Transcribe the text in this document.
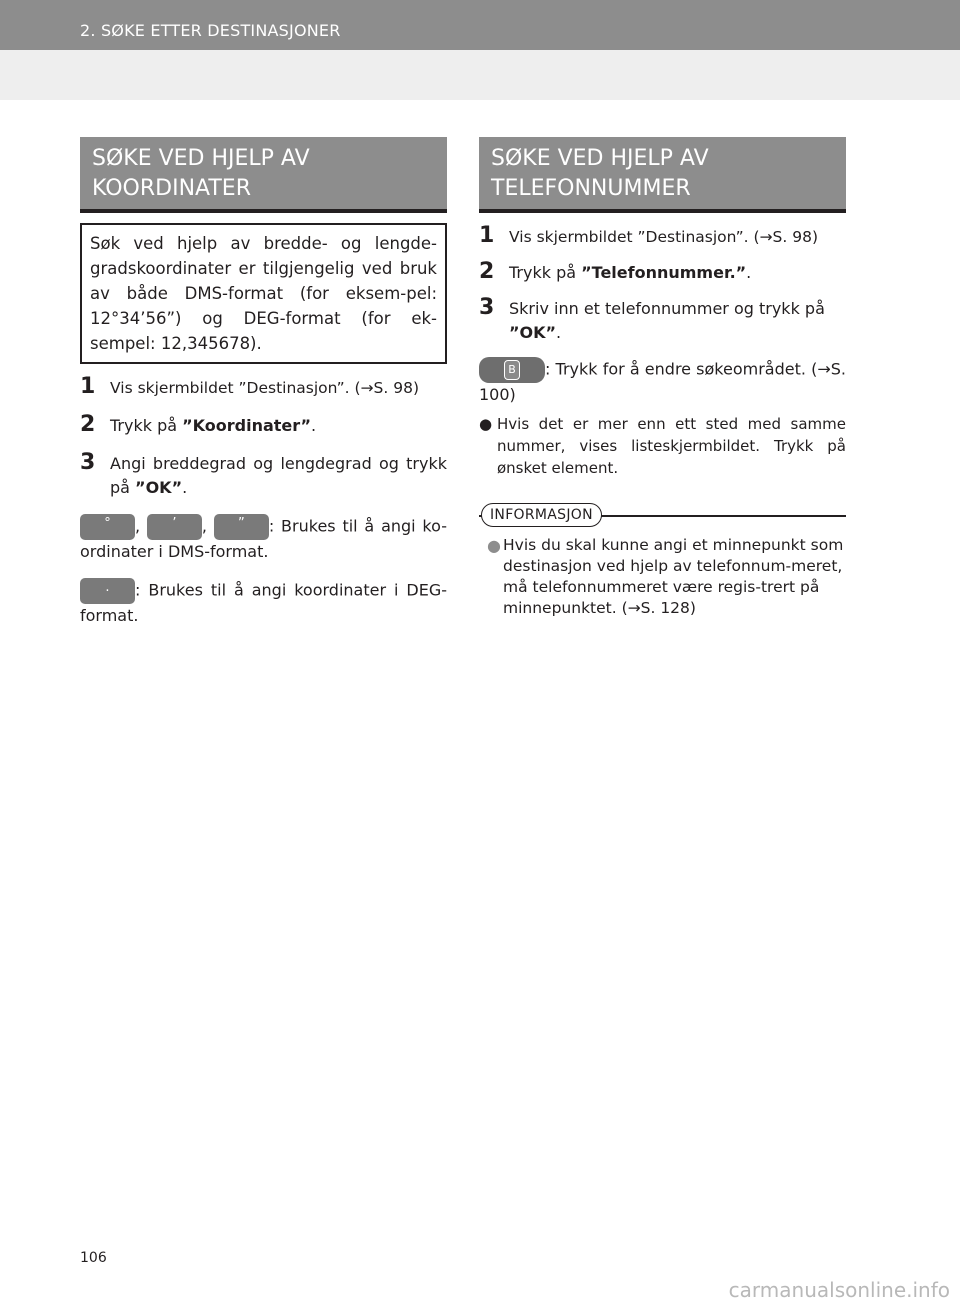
2. SØKE ETTER DESTINASJONER
SØKE VED HJELP AV
KOORDINATER
Søk ved hjelp av bredde- og lengde-gradskoordinater er tilgjengelig ved bruk av både DMS-format (for eksem-pel: 12°34’56”) og DEG-format (for ek-sempel: 12,345678).
1 Vis skjermbildet ”Destinasjon”. (→S. 98)
2 Trykk på ”Koordinater”.
3 Angi breddegrad og lengdegrad og trykk på ”OK”.
° , ’ , ” : Brukes til å angi ko-ordinater i DMS-format.
. : Brukes til å angi koordinater i DEG-format.
SØKE VED HJELP AV
TELEFONNUMMER
1 Vis skjermbildet ”Destinasjon”. (→S. 98)
2 Trykk på ”Telefonnummer.”.
3 Skriv inn et telefonnummer og trykk på ”OK”.
B : Trykk for å endre søkeområdet. (→S. 100)
● Hvis det er mer enn ett sted med samme nummer, vises listeskjermbildet. Trykk på ønsket element.
INFORMASJON
● Hvis du skal kunne angi et minnepunkt som destinasjon ved hjelp av telefonnum-meret, må telefonnummeret være regis-trert på minnepunktet. (→S. 128)
106
carmanualsonline.info
